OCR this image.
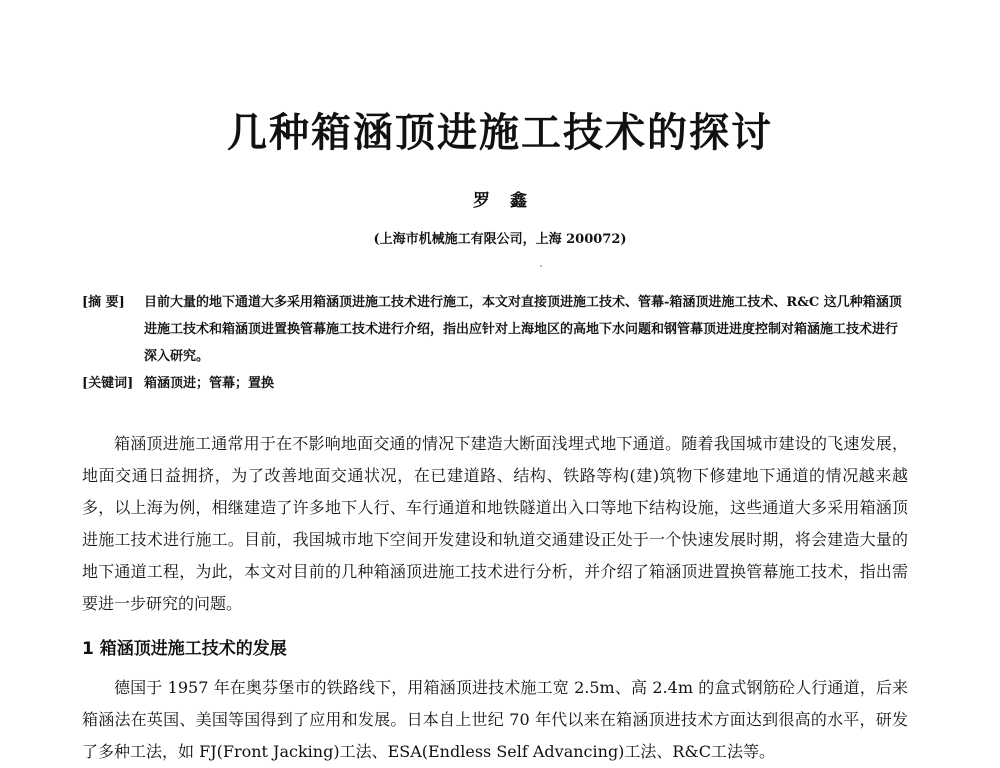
几种箱涵顶进施工技术的探讨
罗鑫
(上海市机械施工有限公司，上海 200072)
[摘 要]	目前大量的地下通道大多采用箱涵顶进施工技术进行施工，本文对直接顶进施工技术、管幕-箱涵顶进施工技术、R&C 这几种箱涵顶进施工技术和箱涵顶进置换管幕施工技术进行介绍，指出应针对上海地区的高地下水问题和钢管幕顶进进度控制对箱涵施工技术进行深入研究。
[关键词] 箱涵顶进；管幕；置换

箱涵顶进施工通常用于在不影响地面交通的情况下建造大断面浅埋式地下通道。随着我国城市建设的飞速发展，地面交通日益拥挤，为了改善地面交通状况，在已建道路、结构、铁路等构(建)筑物下修建地下通道的情况越来越多，以上海为例，相继建造了许多地下人行、车行通道和地铁隧道出入口等地下结构设施，这些通道大多采用箱涵顶进施工技术进行施工。目前，我国城市地下空间开发建设和轨道交通建设正处于一个快速发展时期，将会建造大量的地下通道工程，为此，本文对目前的几种箱涵顶进施工技术进行分析，并介绍了箱涵顶进置换管幕施工技术，指出需要进一步研究的问题。

1 箱涵顶进施工技术的发展

德国于 1957 年在奥芬堡市的铁路线下，用箱涵顶进技术施工宽 2.5m、高 2.4m 的盒式钢筋砼人行通道，后来箱涵法在英国、美国等国得到了应用和发展。日本自上世纪 70 年代以来在箱涵顶进技术方面达到很高的水平，研发了多种工法，如 FJ(Front Jacking)工法、ESA(Endless Self Advancing)工法、R&C工法等。
